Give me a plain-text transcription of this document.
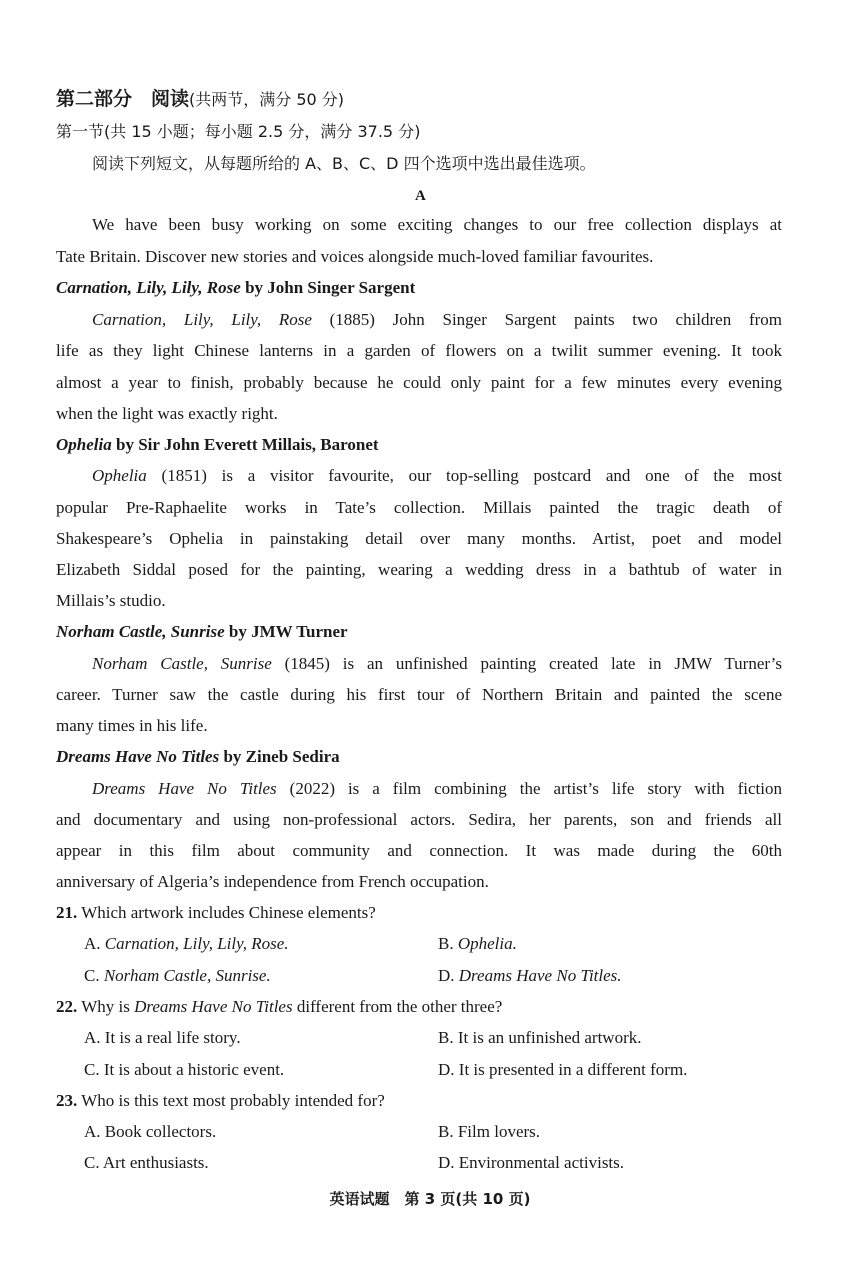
第二部分　阅读(共两节，满分 50 分)
第一节(共 15 小题；每小题 2.5 分，满分 37.5 分)
阅读下列短文，从每题所给的 A、B、C、D 四个选项中选出最佳选项。
A
We have been busy working on some exciting changes to our free collection displays at
Tate Britain. Discover new stories and voices alongside much-loved familiar favourites.
Carnation, Lily, Lily, Rose by John Singer Sargent
Carnation, Lily, Lily, Rose (1885) John Singer Sargent paints two children from
life as they light Chinese lanterns in a garden of flowers on a twilit summer evening. It took
almost a year to finish, probably because he could only paint for a few minutes every evening
when the light was exactly right.
Ophelia by Sir John Everett Millais, Baronet
Ophelia (1851) is a visitor favourite, our top-selling postcard and one of the most
popular Pre-Raphaelite works in Tate’s collection. Millais painted the tragic death of
Shakespeare’s Ophelia in painstaking detail over many months. Artist, poet and model
Elizabeth Siddal posed for the painting, wearing a wedding dress in a bathtub of water in
Millais’s studio.
Norham Castle, Sunrise by JMW Turner
Norham Castle, Sunrise (1845) is an unfinished painting created late in JMW Turner’s
career. Turner saw the castle during his first tour of Northern Britain and painted the scene
many times in his life.
Dreams Have No Titles by Zineb Sedira
Dreams Have No Titles (2022) is a film combining the artist’s life story with fiction
and documentary and using non-professional actors. Sedira, her parents, son and friends all
appear in this film about community and connection. It was made during the 60th
anniversary of Algeria’s independence from French occupation.
21. Which artwork includes Chinese elements?
A. Carnation, Lily, Lily, Rose.	B. Ophelia.
C. Norham Castle, Sunrise.	D. Dreams Have No Titles.
22. Why is Dreams Have No Titles different from the other three?
A. It is a real life story.	B. It is an unfinished artwork.
C. It is about a historic event.	D. It is presented in a different form.
23. Who is this text most probably intended for?
A. Book collectors.	B. Film lovers.
C. Art enthusiasts.	D. Environmental activists.
英语试题　第 3 页(共 10 页)
